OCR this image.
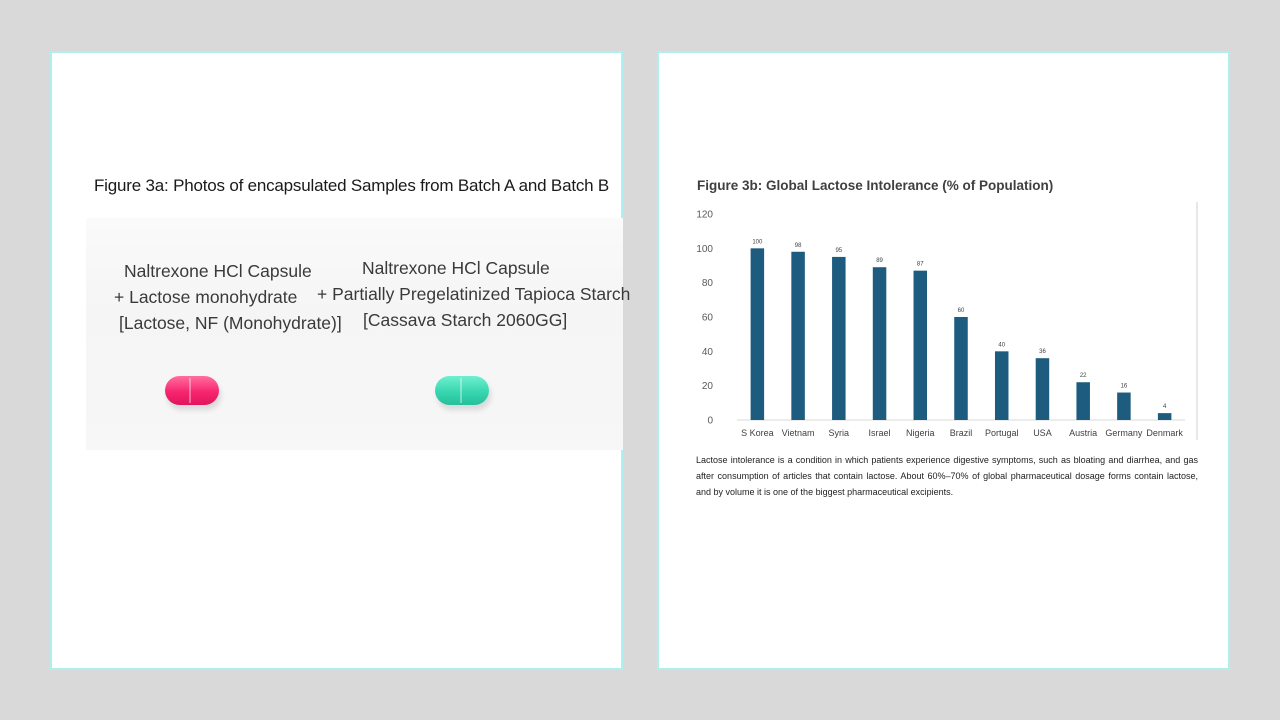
Figure 3a: Photos of encapsulated Samples from Batch A and Batch B
Naltrexone HCl Capsule
+ Lactose monohydrate
[Lactose, NF (Monohydrate)]
Naltrexone HCl Capsule
+ Partially Pregelatinized Tapioca Starch
[Cassava Starch 2060GG]
Figure 3b: Global Lactose Intolerance (% of Population)
0
20
40
60
80
100
120
100
S Korea
98
Vietnam
95
Syria
89
Israel
87
Nigeria
60
Brazil
40
Portugal
36
USA
22
Austria
16
Germany
4
Denmark
Lactose intolerance is a condition in which patients experience digestive symptoms, such as bloating and diarrhea, and gas after consumption of articles that contain lactose. About 60%–70% of global pharmaceutical dosage forms contain lactose, and by volume it is one of the biggest pharmaceutical excipients.
